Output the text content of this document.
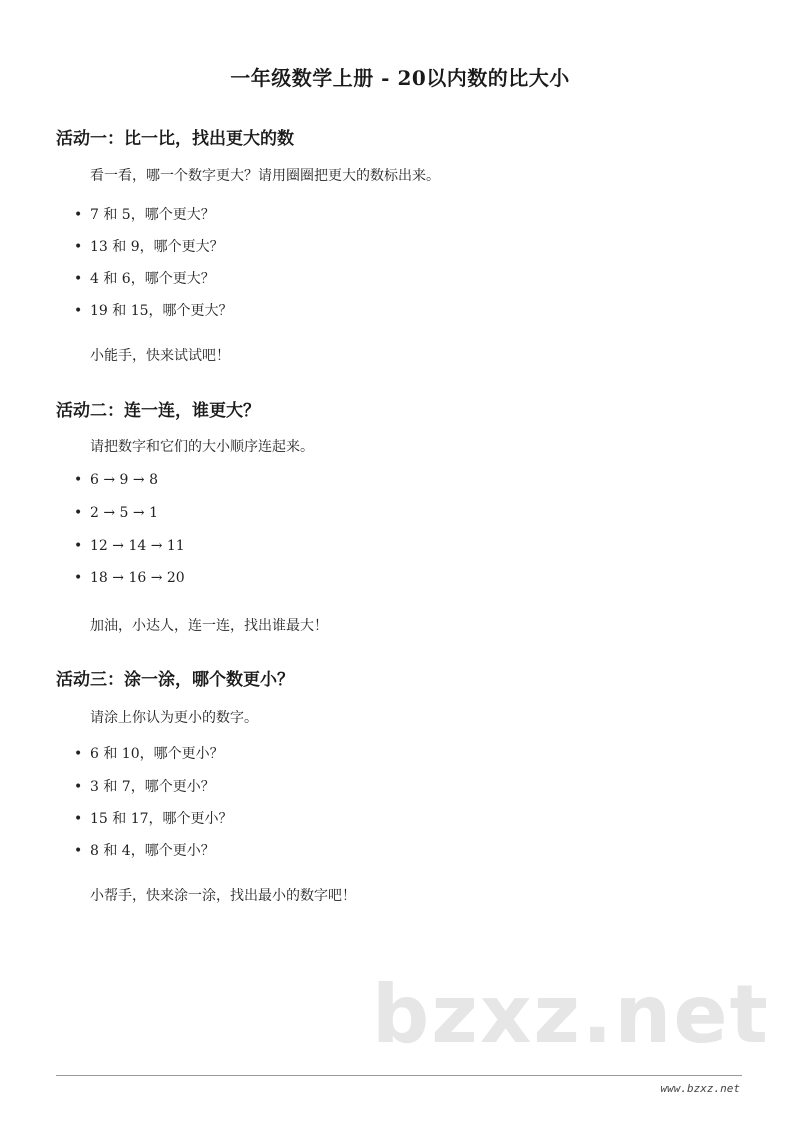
一年级数学上册 - 20以内数的比大小
活动一：比一比，找出更大的数
看一看，哪一个数字更大？请用圈圈把更大的数标出来。
• 7 和 5，哪个更大？
• 13 和 9，哪个更大？
• 4 和 6，哪个更大？
• 19 和 15，哪个更大？
小能手，快来试试吧！
活动二：连一连，谁更大？
请把数字和它们的大小顺序连起来。
• 6 → 9 → 8
• 2 → 5 → 1
• 12 → 14 → 11
• 18 → 16 → 20
加油，小达人，连一连，找出谁最大！
活动三：涂一涂，哪个数更小？
请涂上你认为更小的数字。
• 6 和 10，哪个更小？
• 3 和 7，哪个更小？
• 15 和 17，哪个更小？
• 8 和 4，哪个更小？
小帮手，快来涂一涂，找出最小的数字吧！
bzxz.net
www.bzxz.net
